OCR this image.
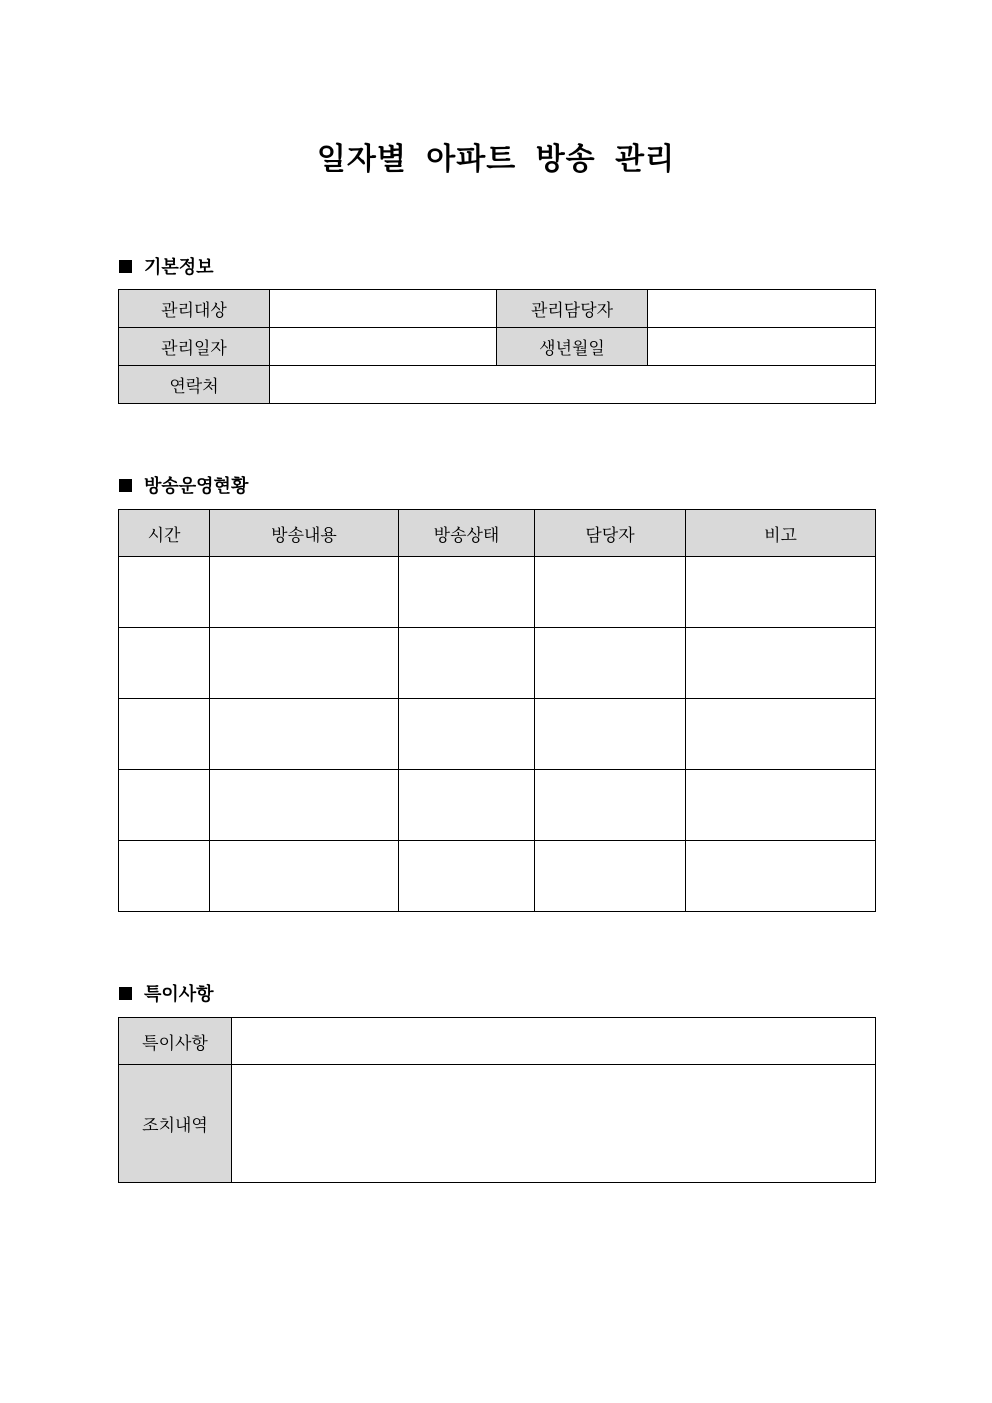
일자별 아파트 방송 관리
기본정보
관리대상		관리담당자	
관리일자		생년월일	
연락처			
방송운영현황
시간	방송내용	방송상태	담당자	비고

특이사항
특이사항	
조치내역	
